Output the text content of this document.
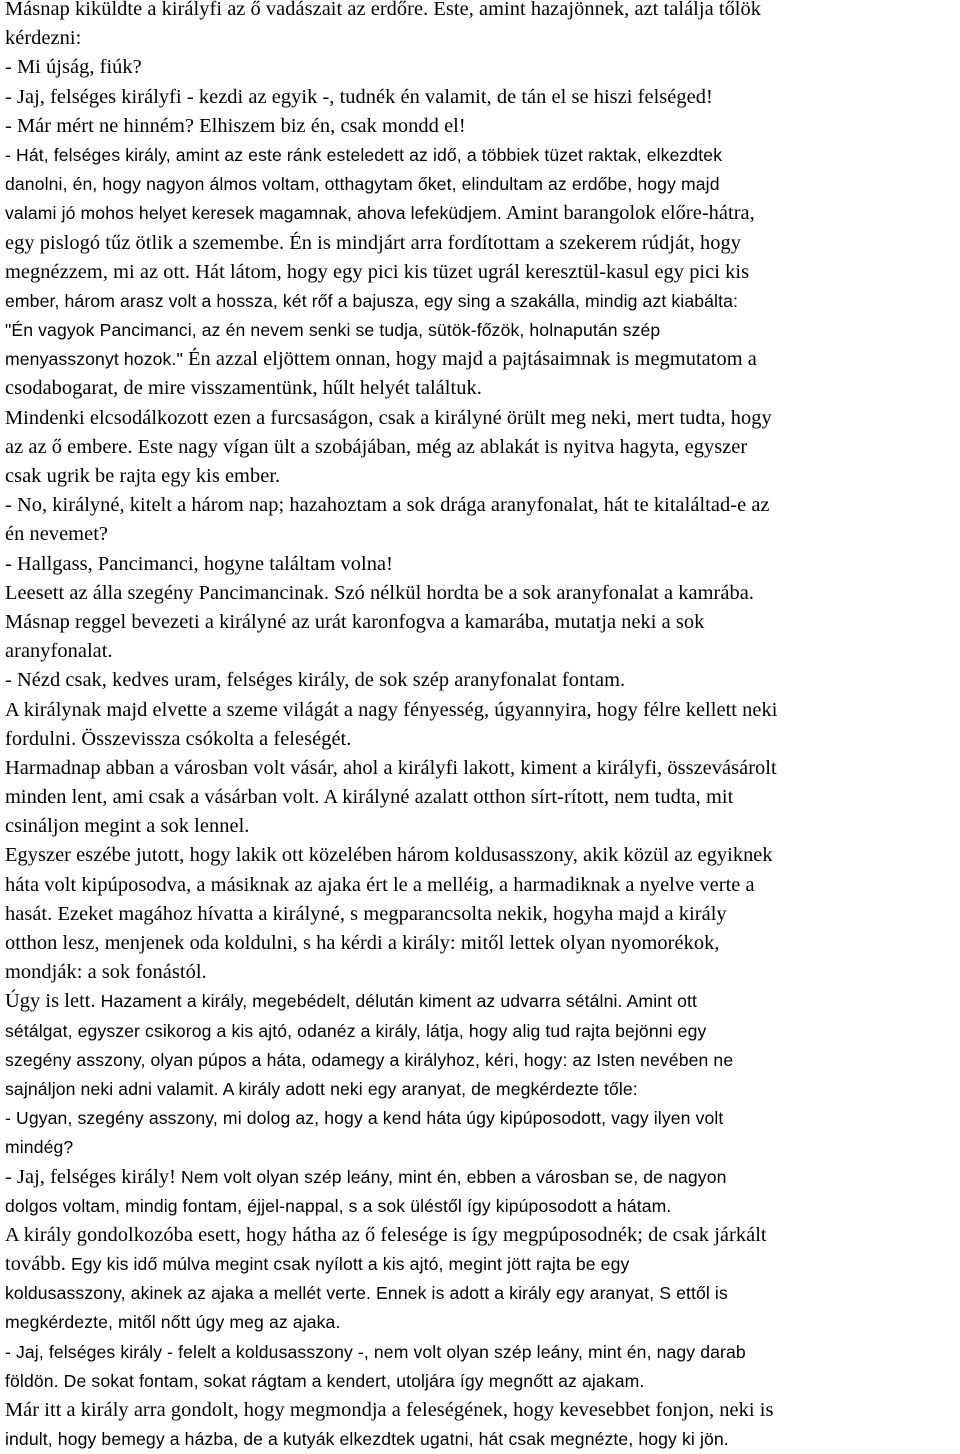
Másnap kiküldte a királyfi az ő vadászait az erdőre. Este, amint hazajönnek, azt találja tőlök
kérdezni:
- Mi újság, fiúk?
- Jaj, felséges királyfi - kezdi az egyik -, tudnék én valamit, de tán el se hiszi felséged!
- Már mért ne hinném? Elhiszem biz én, csak mondd el!
- Hát, felséges király, amint az este ránk esteledett az idő, a többiek tüzet raktak, elkezdtek
danolni, én, hogy nagyon álmos voltam, otthagytam őket, elindultam az erdőbe, hogy majd
valami jó mohos helyet keresek magamnak, ahova lefeküdjem. Amint barangolok előre-hátra,
egy pislogó tűz ötlik a szemembe. Én is mindjárt arra fordítottam a szekerem rúdját, hogy
megnézzem, mi az ott. Hát látom, hogy egy pici kis tüzet ugrál keresztül-kasul egy pici kis
ember, három arasz volt a hossza, két rőf a bajusza, egy sing a szakálla, mindig azt kiabálta:
"Én vagyok Pancimanci, az én nevem senki se tudja, sütök-főzök, holnapután szép
menyasszonyt hozok." Én azzal eljöttem onnan, hogy majd a pajtásaimnak is megmutatom a
csodabogarat, de mire visszamentünk, hűlt helyét találtuk.
Mindenki elcsodálkozott ezen a furcsaságon, csak a királyné örült meg neki, mert tudta, hogy
az az ő embere. Este nagy vígan ült a szobájában, még az ablakát is nyitva hagyta, egyszer
csak ugrik be rajta egy kis ember.
- No, királyné, kitelt a három nap; hazahoztam a sok drága aranyfonalat, hát te kitaláltad-e az
én nevemet?
- Hallgass, Pancimanci, hogyne találtam volna!
Leesett az álla szegény Pancimancinak. Szó nélkül hordta be a sok aranyfonalat a kamrába.
Másnap reggel bevezeti a királyné az urát karonfogva a kamarába, mutatja neki a sok
aranyfonalat.
- Nézd csak, kedves uram, felséges király, de sok szép aranyfonalat fontam.
A királynak majd elvette a szeme világát a nagy fényesség, úgyannyira, hogy félre kellett neki
fordulni. Összevissza csókolta a feleségét.
Harmadnap abban a városban volt vásár, ahol a királyfi lakott, kiment a királyfi, összevásárolt
minden lent, ami csak a vásárban volt. A királyné azalatt otthon sírt-rított, nem tudta, mit
csináljon megint a sok lennel.
Egyszer eszébe jutott, hogy lakik ott közelében három koldusasszony, akik közül az egyiknek
háta volt kipúposodva, a másiknak az ajaka ért le a melléig, a harmadiknak a nyelve verte a
hasát. Ezeket magához hívatta a királyné, s megparancsolta nekik, hogyha majd a király
otthon lesz, menjenek oda koldulni, s ha kérdi a király: mitől lettek olyan nyomorékok,
mondják: a sok fonástól.
Úgy is lett. Hazament a király, megebédelt, délután kiment az udvarra sétálni. Amint ott
sétálgat, egyszer csikorog a kis ajtó, odanéz a király, látja, hogy alig tud rajta bejönni egy
szegény asszony, olyan púpos a háta, odamegy a királyhoz, kéri, hogy: az Isten nevében ne
sajnáljon neki adni valamit. A király adott neki egy aranyat, de megkérdezte tőle:
- Ugyan, szegény asszony, mi dolog az, hogy a kend háta úgy kipúposodott, vagy ilyen volt
mindég?
- Jaj, felséges király! Nem volt olyan szép leány, mint én, ebben a városban se, de nagyon
dolgos voltam, mindig fontam, éjjel-nappal, s a sok üléstől így kipúposodott a hátam.
A király gondolkozóba esett, hogy hátha az ő felesége is így megpúposodnék; de csak járkált
tovább. Egy kis idő múlva megint csak nyílott a kis ajtó, megint jött rajta be egy
koldusasszony, akinek az ajaka a mellét verte. Ennek is adott a király egy aranyat, S ettől is
megkérdezte, mitől nőtt úgy meg az ajaka.
- Jaj, felséges király - felelt a koldusasszony -, nem volt olyan szép leány, mint én, nagy darab
földön. De sokat fontam, sokat rágtam a kendert, utoljára így megnőtt az ajakam.
Már itt a király arra gondolt, hogy megmondja a feleségének, hogy kevesebbet fonjon, neki is
indult, hogy bemegy a házba, de a kutyák elkezdtek ugatni, hát csak megnézte, hogy ki jön.
